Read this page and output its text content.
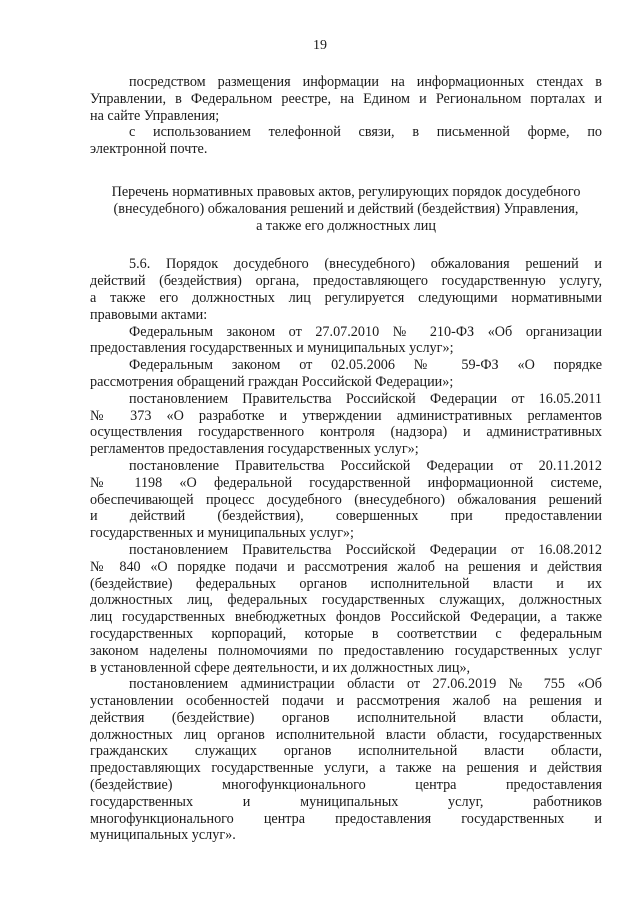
19
посредством размещения информации на информационных стендах в
Управлении, в Федеральном реестре, на Едином и Региональном порталах и
на сайте Управления;
с использованием телефонной связи, в письменной форме, по
электронной почте.
Перечень нормативных правовых актов, регулирующих порядок досудебного
(внесудебного) обжалования решений и действий (бездействия) Управления,
а также его должностных лиц
5.6. Порядок досудебного (внесудебного) обжалования решений и
действий (бездействия) органа, предоставляющего государственную услугу,
а также его должностных лиц регулируется следующими нормативными
правовыми актами:
Федеральным законом от 27.07.2010 № 210-ФЗ «Об организации
предоставления государственных и муниципальных услуг»;
Федеральным законом от 02.05.2006 № 59-ФЗ «О порядке
рассмотрения обращений граждан Российской Федерации»;
постановлением Правительства Российской Федерации от 16.05.2011
№ 373 «О разработке и утверждении административных регламентов
осуществления государственного контроля (надзора) и административных
регламентов предоставления государственных услуг»;
постановление Правительства Российской Федерации от 20.11.2012
№ 1198 «О федеральной государственной информационной системе,
обеспечивающей процесс досудебного (внесудебного) обжалования решений
и действий (бездействия), совершенных при предоставлении
государственных и муниципальных услуг»;
постановлением Правительства Российской Федерации от 16.08.2012
№ 840 «О порядке подачи и рассмотрения жалоб на решения и действия
(бездействие) федеральных органов исполнительной власти и их
должностных лиц, федеральных государственных служащих, должностных
лиц государственных внебюджетных фондов Российской Федерации, а также
государственных корпораций, которые в соответствии с федеральным
законом наделены полномочиями по предоставлению государственных услуг
в установленной сфере деятельности, и их должностных лиц»,
постановлением администрации области от 27.06.2019 № 755 «Об
установлении особенностей подачи и рассмотрения жалоб на решения и
действия (бездействие) органов исполнительной власти области,
должностных лиц органов исполнительной власти области, государственных
гражданских служащих органов исполнительной власти области,
предоставляющих государственные услуги, а также на решения и действия
(бездействие) многофункционального центра предоставления
государственных и муниципальных услуг, работников
многофункционального центра предоставления государственных и
муниципальных услуг».
